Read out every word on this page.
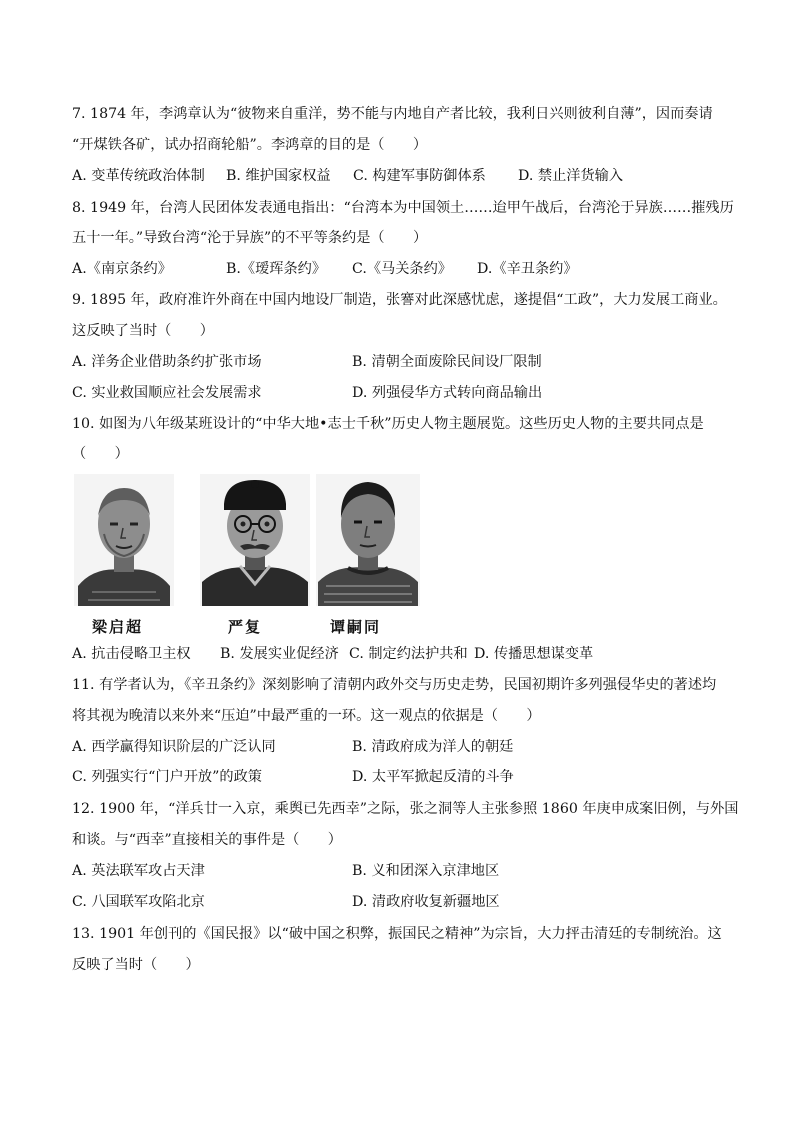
7. 1874 年，李鸿章认为“彼物来自重洋，势不能与内地自产者比较，我利日兴则彼利自薄”，因而奏请
“开煤铁各矿，试办招商轮船”。李鸿章的目的是（　　）
A. 变革传统政治体制 B. 维护国家权益 C. 构建军事防御体系 D. 禁止洋货输入
8. 1949 年，台湾人民团体发表通电指出：“台湾本为中国领土……迨甲午战后，台湾沦于异族……摧残历
五十一年。”导致台湾“沦于异族”的不平等条约是（　　）
A.《南京条约》	B.《瑷珲条约》 C.《马关条约》 D.《辛丑条约》
9. 1895 年，政府准许外商在中国内地设厂制造，张謇对此深感忧虑，遂提倡“工政”，大力发展工商业。
这反映了当时（　　）
A. 洋务企业借助条约扩张市场	B. 清朝全面废除民间设厂限制
C. 实业救国顺应社会发展需求	D. 列强侵华方式转向商品输出
10. 如图为八年级某班设计的“中华大地•志士千秋”历史人物主题展览。这些历史人物的主要共同点是
（　　）
梁启超	严复	谭嗣同
A. 抗击侵略卫主权 B. 发展实业促经济 C. 制定约法护共和 D. 传播思想谋变革
11. 有学者认为，《辛丑条约》深刻影响了清朝内政外交与历史走势，民国初期许多列强侵华史的著述均
将其视为晚清以来外来“压迫”中最严重的一环。这一观点的依据是（　　）
A. 西学赢得知识阶层的广泛认同	B. 清政府成为洋人的朝廷
C. 列强实行“门户开放”的政策	D. 太平军掀起反清的斗争
12. 1900 年，“洋兵廿一入京，乘舆已先西幸”之际，张之洞等人主张参照 1860 年庚申成案旧例，与外国
和谈。与“西幸”直接相关的事件是（　　）
A. 英法联军攻占天津	B. 义和团深入京津地区
C. 八国联军攻陷北京	D. 清政府收复新疆地区
13. 1901 年创刊的《国民报》以“破中国之积弊，振国民之精神”为宗旨，大力抨击清廷的专制统治。这
反映了当时（　　）
